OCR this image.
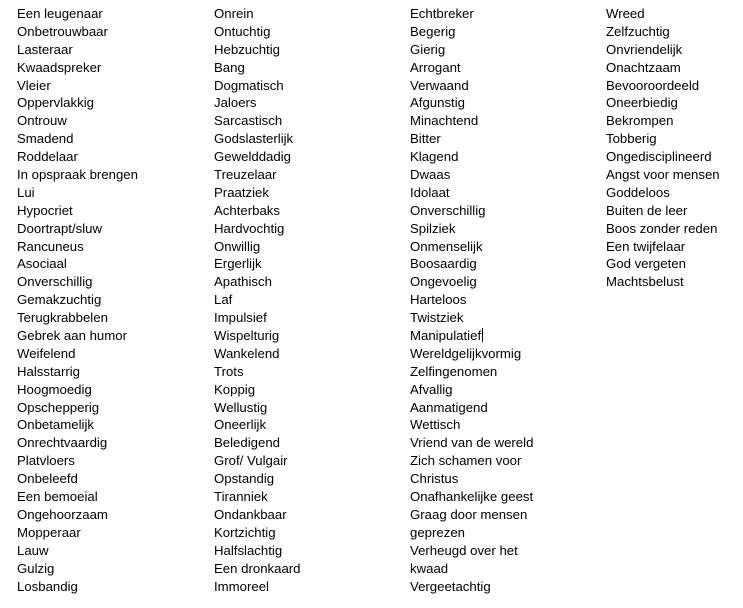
Een leugenaar
Onbetrouwbaar
Lasteraar
Kwaadspreker
Vleier
Oppervlakkig
Ontrouw
Smadend
Roddelaar
In opspraak brengen
Lui
Hypocriet
Doortrapt/sluw
Rancuneus
Asociaal
Onverschillig
Gemakzuchtig
Terugkrabbelen
Gebrek aan humor
Weifelend
Halsstarrig
Hoogmoedig
Opschepperig
Onbetamelijk
Onrechtvaardig
Platvloers
Onbeleefd
Een bemoeial
Ongehoorzaam
Mopperaar
Lauw
Gulzig
Losbandig
Onrein
Ontuchtig
Hebzuchtig
Bang
Dogmatisch
Jaloers
Sarcastisch
Godslasterlijk
Gewelddadig
Treuzelaar
Praatziek
Achterbaks
Hardvochtig
Onwillig
Ergerlijk
Apathisch
Laf
Impulsief
Wispelturig
Wankelend
Trots
Koppig
Wellustig
Oneerlijk
Beledigend
Grof/ Vulgair
Opstandig
Tiranniek
Ondankbaar
Kortzichtig
Halfslachtig
Een dronkaard
Immoreel
Echtbreker
Begerig
Gierig
Arrogant
Verwaand
Afgunstig
Minachtend
Bitter
Klagend
Dwaas
Idolaat
Onverschillig
Spilziek
Onmenselijk
Boosaardig
Ongevoelig
Harteloos
Twistziek
Manipulatief
Wereldgelijkvormig
Zelfingenomen
Afvallig
Aanmatigend
Wettisch
Vriend van de wereld
Zich schamen voor
Christus
Onafhankelijke geest
Graag door mensen
geprezen
Verheugd over het
kwaad
Vergeetachtig
Wreed
Zelfzuchtig
Onvriendelijk
Onachtzaam
Bevooroordeeld
Oneerbiedig
Bekrompen
Tobberig
Ongedisciplineerd
Angst voor mensen
Goddeloos
Buiten de leer
Boos zonder reden
Een twijfelaar
God vergeten
Machtsbelust
